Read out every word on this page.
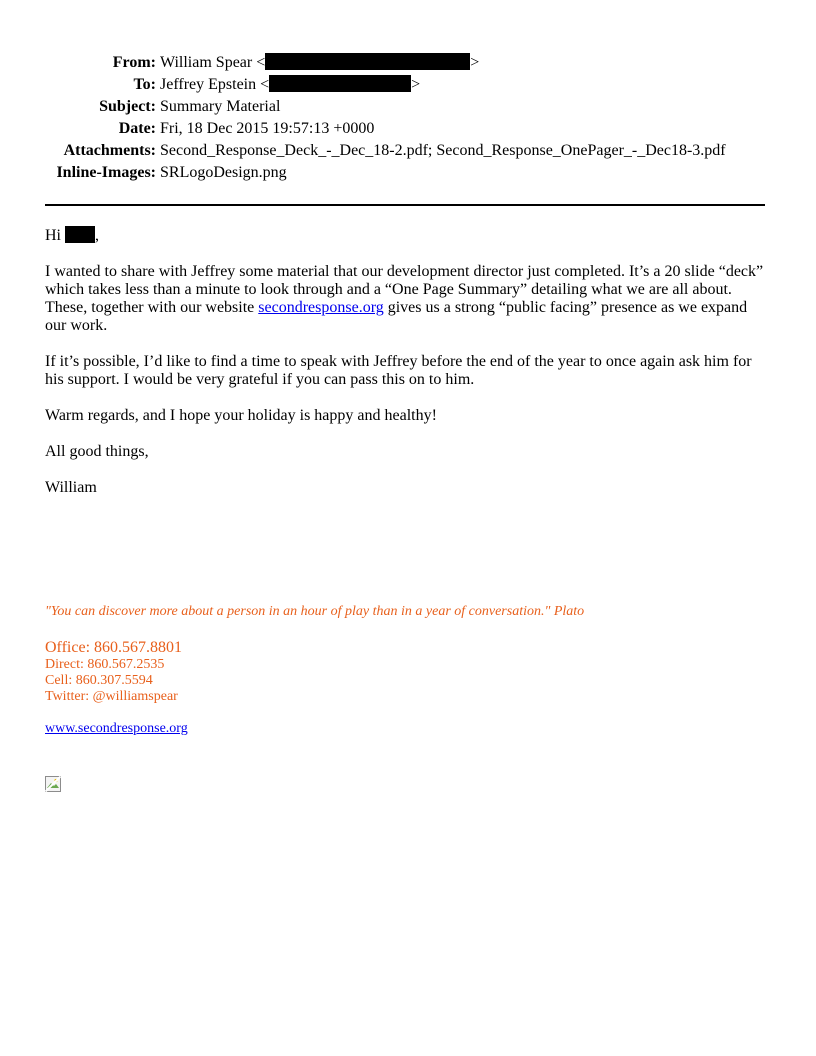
From: William Spear <	>
To: Jeffrey Epstein <	>
Subject: Summary Material
Date: Fri, 18 Dec 2015 19:57:13 +0000
Attachments: Second_Response_Deck_-_Dec_18-2.pdf; Second_Response_OnePager_-_Dec18-3.pdf
Inline-Images: SRLogoDesign.png

Hi ,

I wanted to share with Jeffrey some material that our development director just completed. It’s a 20 slide “deck” which takes less than a minute to look through and a “One Page Summary” detailing what we are all about. These, together with our website secondresponse.org gives us a strong “public facing” presence as we expand our work.

If it’s possible, I’d like to find a time to speak with Jeffrey before the end of the year to once again ask him for his support. I would be very grateful if you can pass this on to him.

Warm regards, and I hope your holiday is happy and healthy!

All good things,

William

"You can discover more about a person in an hour of play than in a year of conversation." Plato

Office: 860.567.8801
Direct: 860.567.2535
Cell: 860.307.5594
Twitter: @williamspear
www.secondresponse.org
